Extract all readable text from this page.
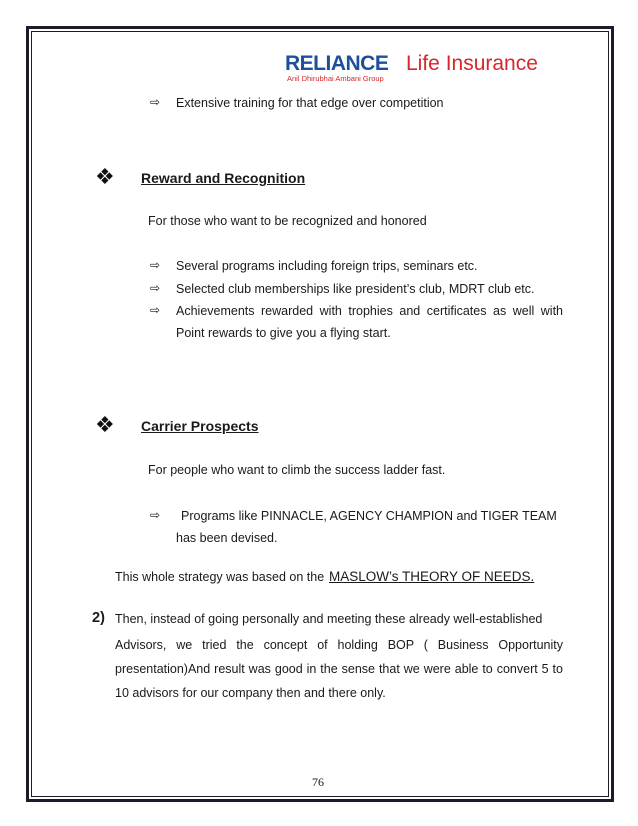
RELIANCE Life Insurance
Anil Dhirubhai Ambani Group
⇨ Extensive training for that edge over competition
❖ Reward and Recognition
For those who want to be recognized and honored
⇨ Several programs including foreign trips, seminars etc.
⇨ Selected club memberships like president’s club, MDRT club etc.
⇨ Achievements rewarded with trophies and certificates as well with
Point rewards to give you a flying start.
❖ Carrier Prospects
For people who want to climb the success ladder fast.
⇨ Programs like PINNACLE, AGENCY CHAMPION and TIGER TEAM
has been devised.
This whole strategy was based on the MASLOW’s THEORY OF NEEDS.
2) Then, instead of going personally and meeting these already well-established
Advisors, we tried the concept of holding BOP ( Business Opportunity
presentation)And result was good in the sense that we were able to convert 5 to
10 advisors for our company then and there only.
76
